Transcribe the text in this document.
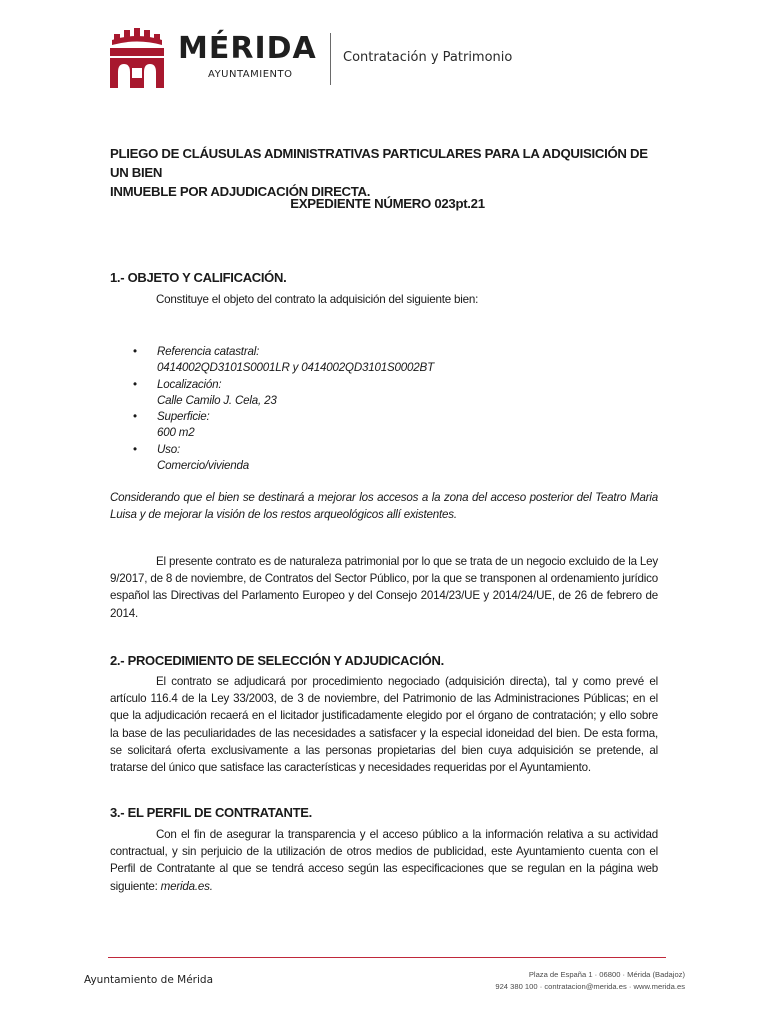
MÉRIDA
AYUNTAMIENTO
Contratación y Patrimonio
PLIEGO DE CLÁUSULAS ADMINISTRATIVAS PARTICULARES PARA LA ADQUISICIÓN DE UN BIEN
INMUEBLE POR ADJUDICACIÓN DIRECTA.
EXPEDIENTE NÚMERO 023pt.21
1.- OBJETO Y CALIFICACIÓN.
Constituye el objeto del contrato la adquisición del siguiente bien:
• Referencia catastral:
0414002QD3101S0001LR y 0414002QD3101S0002BT
• Localización:
Calle Camilo J. Cela, 23
• Superficie:
600 m2
• Uso:
Comercio/vivienda
Considerando que el bien se destinará a mejorar los accesos a la zona del acceso posterior del Teatro Maria Luisa y de mejorar la visión de los restos arqueológicos allí existentes.
El presente contrato es de naturaleza patrimonial por lo que se trata de un negocio excluido de la Ley 9/2017, de 8 de noviembre, de Contratos del Sector Público, por la que se transponen al ordenamiento jurídico español las Directivas del Parlamento Europeo y del Consejo 2014/23/UE y 2014/24/UE, de 26 de febrero de 2014.
2.- PROCEDIMIENTO DE SELECCIÓN Y ADJUDICACIÓN.
El contrato se adjudicará por procedimiento negociado (adquisición directa), tal y como prevé el artículo 116.4 de la Ley 33/2003, de 3 de noviembre, del Patrimonio de las Administraciones Públicas; en el que la adjudicación recaerá en el licitador justificadamente elegido por el órgano de contratación; y ello sobre la base de las peculiaridades de las necesidades a satisfacer y la especial idoneidad del bien. De esta forma, se solicitará oferta exclusivamente a las personas propietarias del bien cuya adquisición se pretende, al tratarse del único que satisface las características y necesidades requeridas por el Ayuntamiento.
3.- EL PERFIL DE CONTRATANTE.
Con el fin de asegurar la transparencia y el acceso público a la información relativa a su actividad contractual, y sin perjuicio de la utilización de otros medios de publicidad, este Ayuntamiento cuenta con el Perfil de Contratante al que se tendrá acceso según las especificaciones que se regulan en la página web siguiente: merida.es.
Ayuntamiento de Mérida	Plaza de España 1 · 06800 · Mérida (Badajoz)
924 380 100 · contratacion@merida.es · www.merida.es
